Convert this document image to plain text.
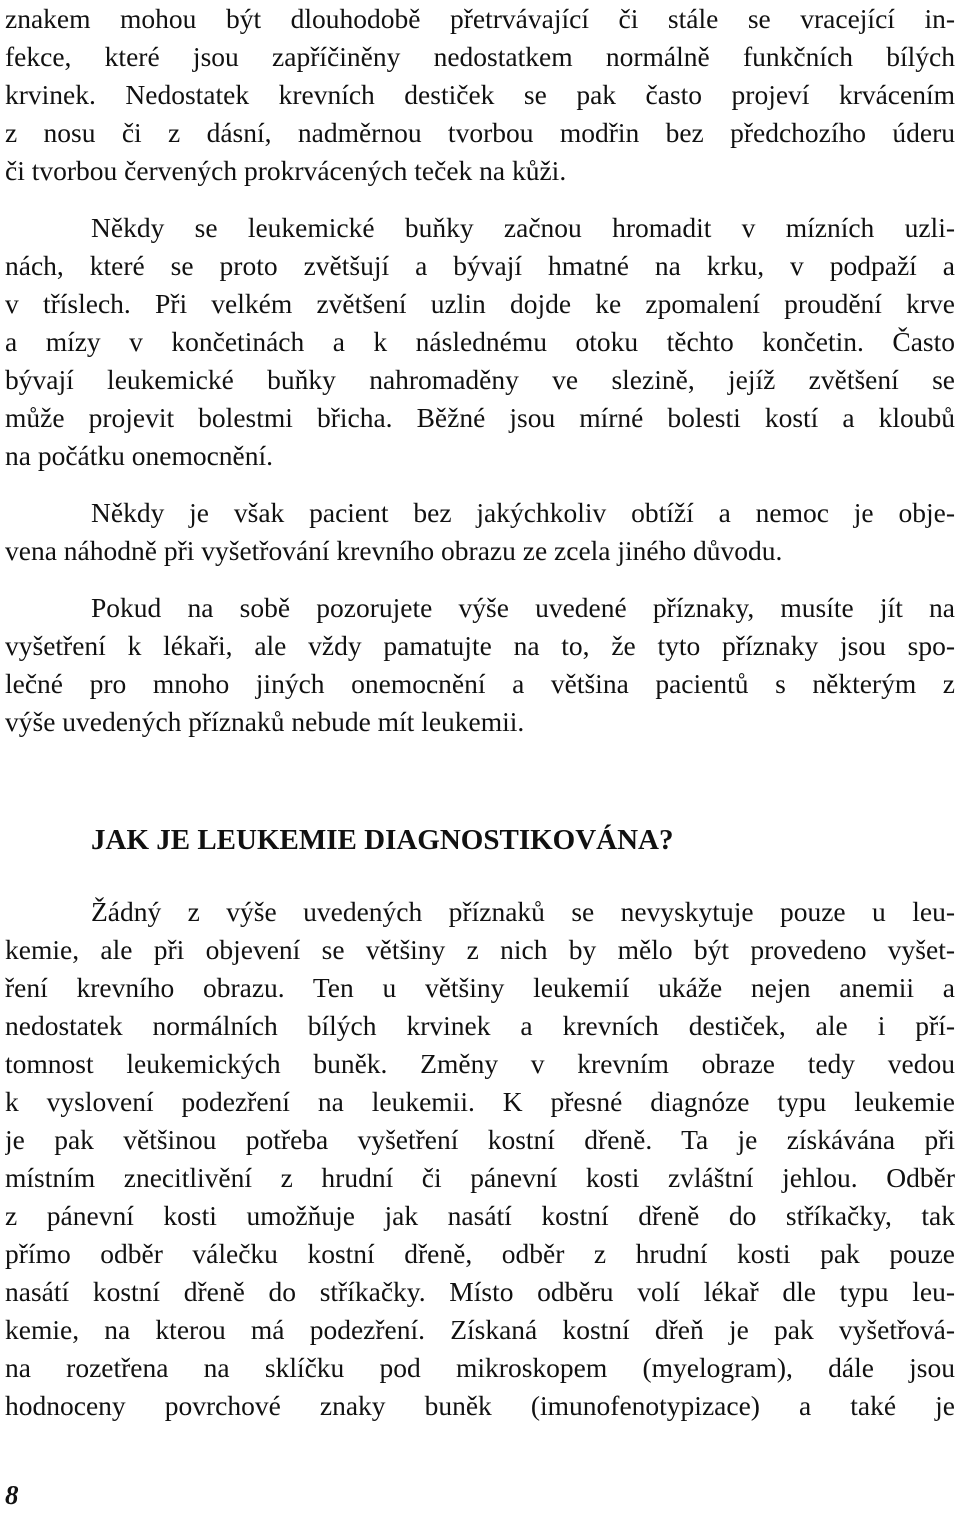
znakem mohou být dlouhodobě přetrvávající či stále se vracející in-
fekce, které jsou zapříčiněny nedostatkem normálně funkčních bílých
krvinek. Nedostatek krevních destiček se pak často projeví krvácením
z nosu či z dásní, nadměrnou tvorbou modřin bez předchozího úderu
či tvorbou červených prokrvácených teček na kůži.
Někdy se leukemické buňky začnou hromadit v mízních uzli-
nách, které se proto zvětšují a bývají hmatné na krku, v podpaží a
v tříslech. Při velkém zvětšení uzlin dojde ke zpomalení proudění krve
a mízy v končetinách a k následnému otoku těchto končetin. Často
bývají leukemické buňky nahromaděny ve slezině, jejíž zvětšení se
může projevit bolestmi břicha. Běžné jsou mírné bolesti kostí a kloubů
na počátku onemocnění.
Někdy je však pacient bez jakýchkoliv obtíží a nemoc je obje-
vena náhodně při vyšetřování krevního obrazu ze zcela jiného důvodu.
Pokud na sobě pozorujete výše uvedené příznaky, musíte jít na
vyšetření k lékaři, ale vždy pamatujte na to, že tyto příznaky jsou spo-
lečné pro mnoho jiných onemocnění a většina pacientů s některým z
výše uvedených příznaků nebude mít leukemii.
JAK JE LEUKEMIE DIAGNOSTIKOVÁNA?
Žádný z výše uvedených příznaků se nevyskytuje pouze u leu-
kemie, ale při objevení se většiny z nich by mělo být provedeno vyšet-
ření krevního obrazu. Ten u většiny leukemií ukáže nejen anemii a
nedostatek normálních bílých krvinek a krevních destiček, ale i pří-
tomnost leukemických buněk. Změny v krevním obraze tedy vedou
k vyslovení podezření na leukemii. K přesné diagnóze typu leukemie
je pak většinou potřeba vyšetření kostní dřeně. Ta je získávána při
místním znecitlivění z hrudní či pánevní kosti zvláštní jehlou. Odběr
z pánevní kosti umožňuje jak nasátí kostní dřeně do stříkačky, tak
přímo odběr válečku kostní dřeně, odběr z hrudní kosti pak pouze
nasátí kostní dřeně do stříkačky. Místo odběru volí lékař dle typu leu-
kemie, na kterou má podezření. Získaná kostní dřeň je pak vyšetřová-
na rozetřena na sklíčku pod mikroskopem (myelogram), dále jsou
hodnoceny povrchové znaky buněk (imunofenotypizace) a také je
8
